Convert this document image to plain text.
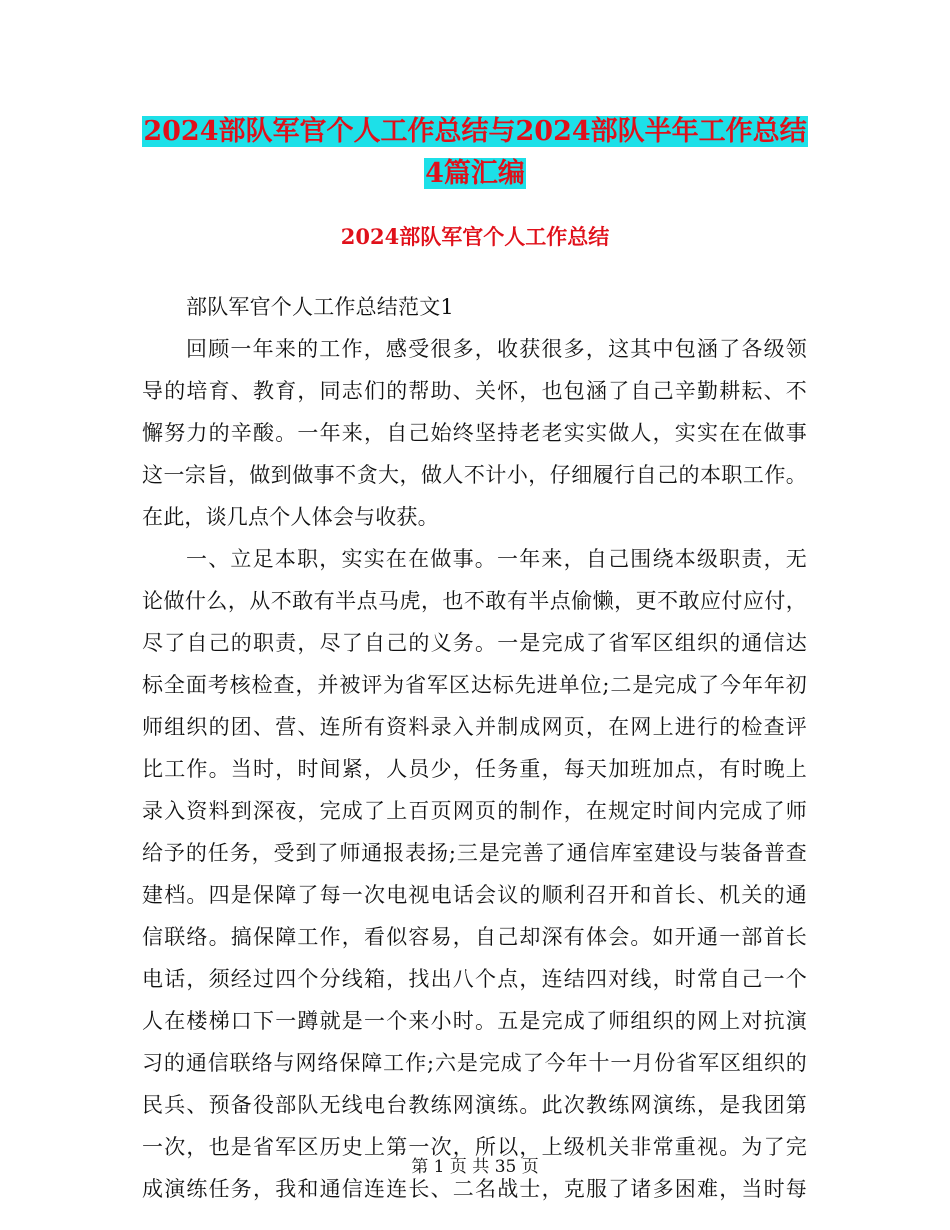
2024部队军官个人工作总结与2024部队半年工作总结
4篇汇编
2024部队军官个人工作总结
部队军官个人工作总结范文1
回顾一年来的工作，感受很多，收获很多，这其中包涵了各级领
导的培育、教育，同志们的帮助、关怀，也包涵了自己辛勤耕耘、不
懈努力的辛酸。一年来，自己始终坚持老老实实做人，实实在在做事
这一宗旨，做到做事不贪大，做人不计小，仔细履行自己的本职工作。
在此，谈几点个人体会与收获。
一、立足本职，实实在在做事。一年来，自己围绕本级职责，无
论做什么，从不敢有半点马虎，也不敢有半点偷懒，更不敢应付应付，
尽了自己的职责，尽了自己的义务。一是完成了省军区组织的通信达
标全面考核检查，并被评为省军区达标先进单位;二是完成了今年年初
师组织的团、营、连所有资料录入并制成网页，在网上进行的检查评
比工作。当时，时间紧，人员少，任务重，每天加班加点，有时晚上
录入资料到深夜，完成了上百页网页的制作，在规定时间内完成了师
给予的任务，受到了师通报表扬;三是完善了通信库室建设与装备普查
建档。四是保障了每一次电视电话会议的顺利召开和首长、机关的通
信联络。搞保障工作，看似容易，自己却深有体会。如开通一部首长
电话，须经过四个分线箱，找出八个点，连结四对线，时常自己一个
人在楼梯口下一蹲就是一个来小时。五是完成了师组织的网上对抗演
习的通信联络与网络保障工作;六是完成了今年十一月份省军区组织的
民兵、预备役部队无线电台教练网演练。此次教练网演练，是我团第
一次，也是省军区历史上第一次，所以，上级机关非常重视。为了完
成演练任务，我和通信连连长、二名战士，克服了诸多困难，当时每
第 1 页 共 35 页
